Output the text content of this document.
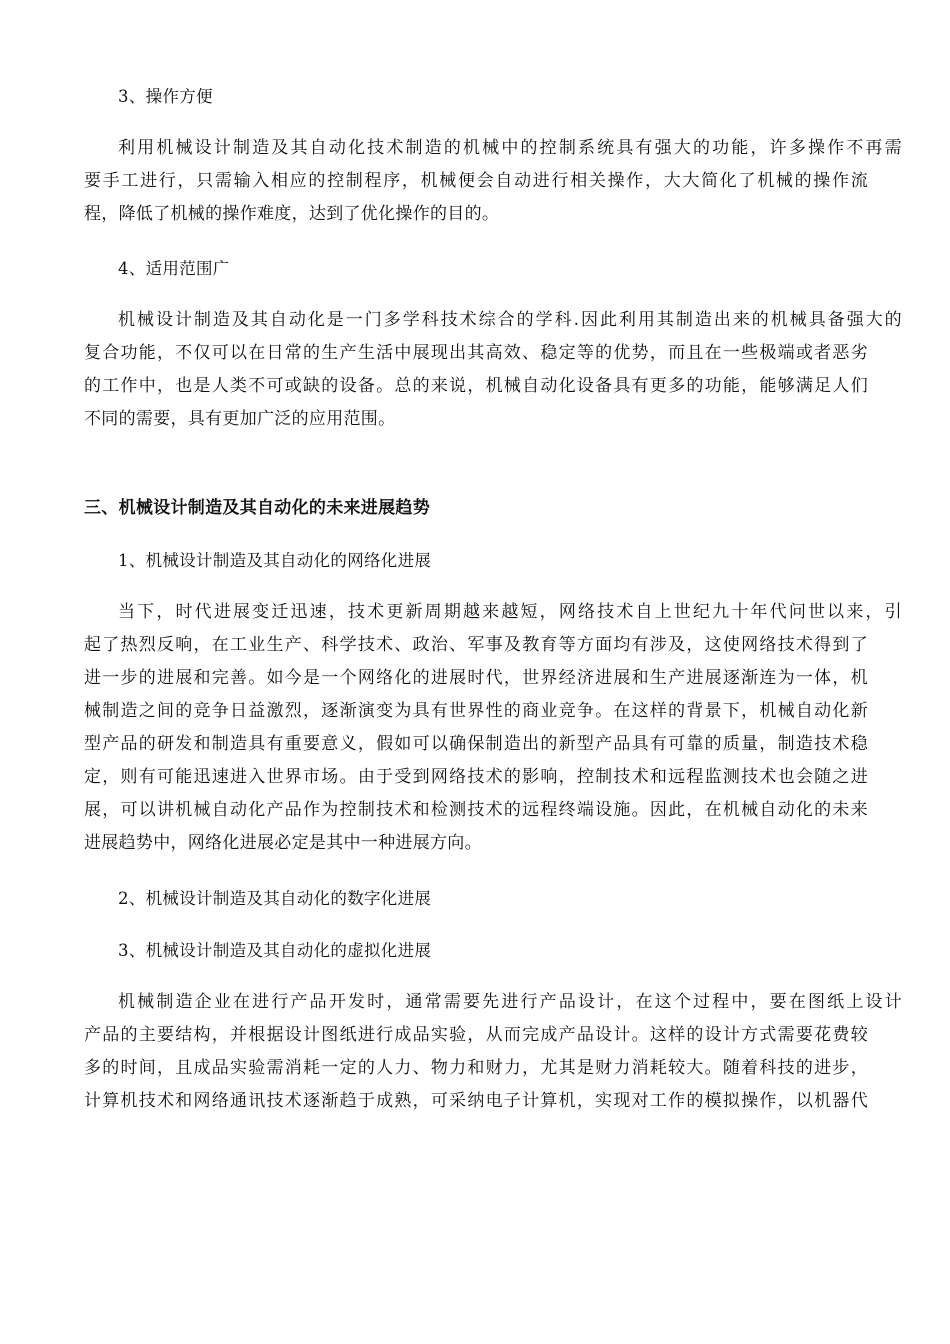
3、操作方便

利用机械设计制造及其自动化技术制造的机械中的控制系统具有强大的功能，许多操作不再需

要手工进行，只需输入相应的控制程序，机械便会自动进行相关操作，大大简化了机械的操作流

程，降低了机械的操作难度，达到了优化操作的目的。

4、适用范围广

机械设计制造及其自动化是一门多学科技术综合的学科.因此利用其制造出来的机械具备强大的

复合功能，不仅可以在日常的生产生活中展现出其高效、稳定等的优势，而且在一些极端或者恶劣

的工作中，也是人类不可或缺的设备。总的来说，机械自动化设备具有更多的功能，能够满足人们

不同的需要，具有更加广泛的应用范围。

三、机械设计制造及其自动化的未来进展趋势

1、机械设计制造及其自动化的网络化进展

当下，时代进展变迁迅速，技术更新周期越来越短，网络技术自上世纪九十年代问世以来，引

起了热烈反响，在工业生产、科学技术、政治、军事及教育等方面均有涉及，这使网络技术得到了

进一步的进展和完善。如今是一个网络化的进展时代，世界经济进展和生产进展逐渐连为一体，机

械制造之间的竞争日益激烈，逐渐演变为具有世界性的商业竞争。在这样的背景下，机械自动化新

型产品的研发和制造具有重要意义，假如可以确保制造出的新型产品具有可靠的质量，制造技术稳

定，则有可能迅速进入世界市场。由于受到网络技术的影响，控制技术和远程监测技术也会随之进

展，可以讲机械自动化产品作为控制技术和检测技术的远程终端设施。因此，在机械自动化的未来

进展趋势中，网络化进展必定是其中一种进展方向。

2、机械设计制造及其自动化的数字化进展

3、机械设计制造及其自动化的虚拟化进展

机械制造企业在进行产品开发时，通常需要先进行产品设计，在这个过程中，要在图纸上设计

产品的主要结构，并根据设计图纸进行成品实验，从而完成产品设计。这样的设计方式需要花费较

多的时间，且成品实验需消耗一定的人力、物力和财力，尤其是财力消耗较大。随着科技的进步，

计算机技术和网络通讯技术逐渐趋于成熟，可采纳电子计算机，实现对工作的模拟操作，以机器代
